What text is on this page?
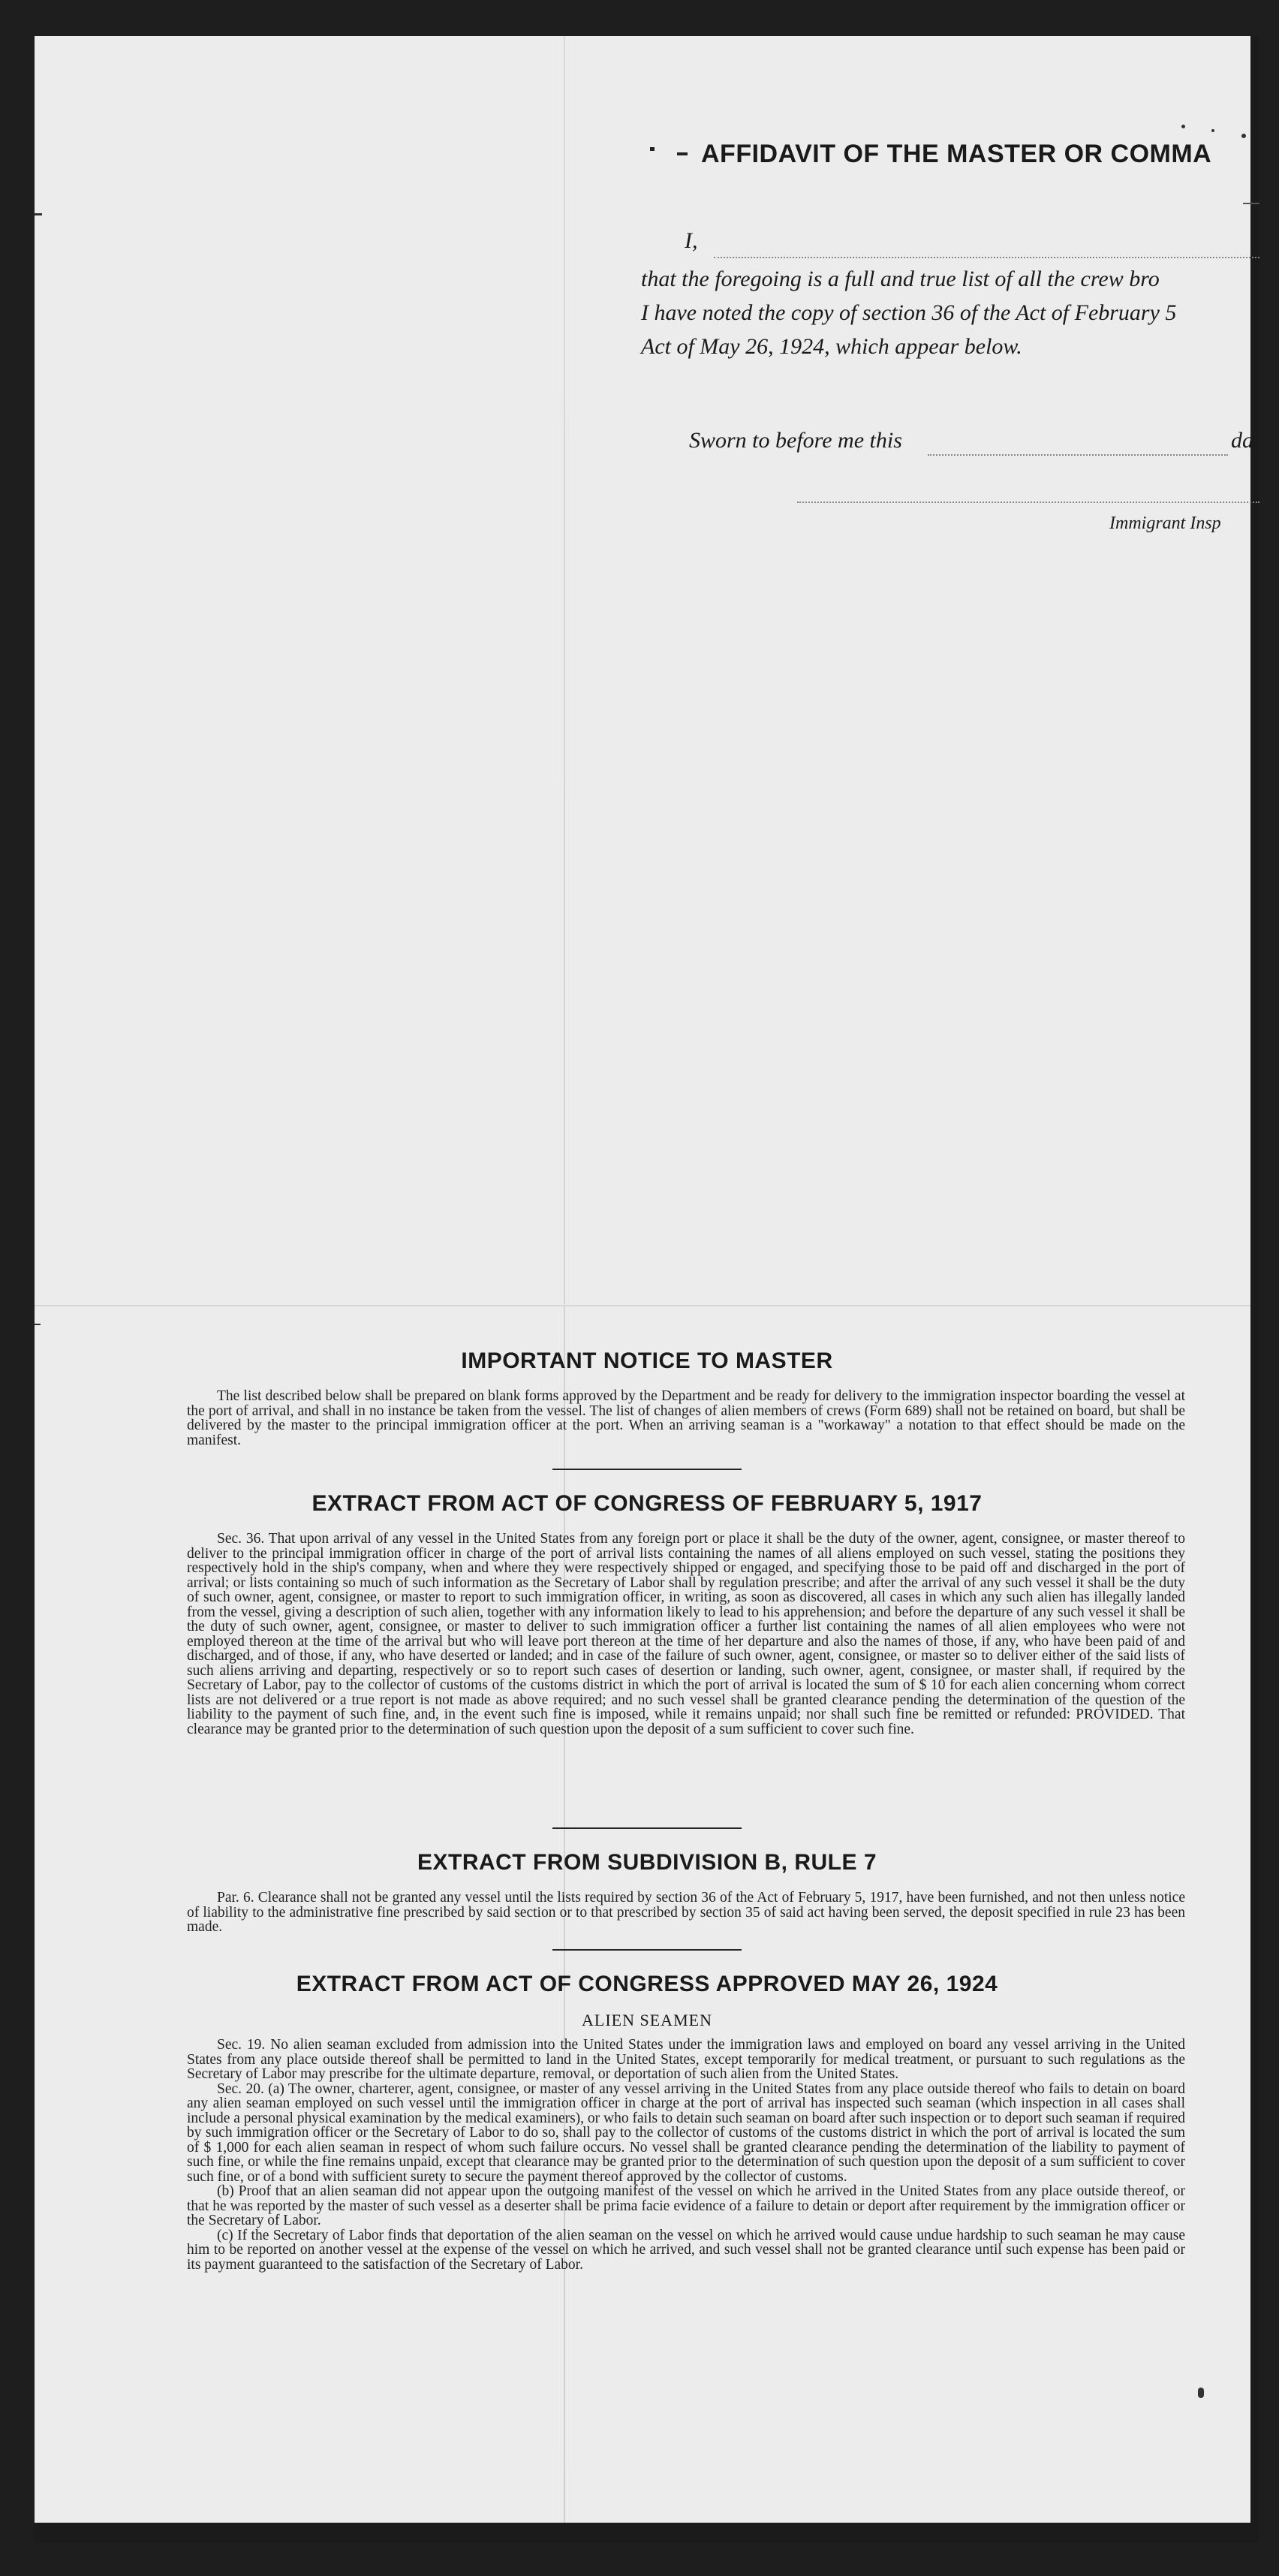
AFFIDAVIT OF THE MASTER OR COMMA
I,
that the foregoing is a full and true list of all the crew bro
I have noted the copy of section 36 of the Act of February 5
Act of May 26, 1924, which appear below.
Sworn to before me this	da
Immigrant Insp
IMPORTANT NOTICE TO MASTER
The list described below shall be prepared on blank forms approved by the Department and be ready for delivery to the immigration inspector boarding the vessel at the port of arrival, and shall in no instance be taken from the vessel. The list of changes of alien members of crews (Form 689) shall not be retained on board, but shall be delivered by the master to the principal immigration officer at the port. When an arriving seaman is a "workaway" a notation to that effect should be made on the manifest.
EXTRACT FROM ACT OF CONGRESS OF FEBRUARY 5, 1917
Sec. 36. That upon arrival of any vessel in the United States from any foreign port or place it shall be the duty of the owner, agent, consignee, or master thereof to deliver to the principal immigration officer in charge of the port of arrival lists containing the names of all aliens employed on such vessel, stating the positions they respectively hold in the ship's company, when and where they were respectively shipped or engaged, and specifying those to be paid off and discharged in the port of arrival; or lists containing so much of such information as the Secretary of Labor shall by regulation prescribe; and after the arrival of any such vessel it shall be the duty of such owner, agent, consignee, or master to report to such immigration officer, in writing, as soon as discovered, all cases in which any such alien has illegally landed from the vessel, giving a description of such alien, together with any information likely to lead to his apprehension; and before the departure of any such vessel it shall be the duty of such owner, agent, consignee, or master to deliver to such immigration officer a further list containing the names of all alien employees who were not employed thereon at the time of the arrival but who will leave port thereon at the time of her departure and also the names of those, if any, who have been paid of and discharged, and of those, if any, who have deserted or landed; and in case of the failure of such owner, agent, consignee, or master so to deliver either of the said lists of such aliens arriving and departing, respectively or so to report such cases of desertion or landing, such owner, agent, consignee, or master shall, if required by the Secretary of Labor, pay to the collector of customs of the customs district in which the port of arrival is located the sum of $ 10 for each alien concerning whom correct lists are not delivered or a true report is not made as above required; and no such vessel shall be granted clearance pending the determination of the question of the liability to the payment of such fine, and, in the event such fine is imposed, while it remains unpaid; nor shall such fine be remitted or refunded: PROVIDED. That clearance may be granted prior to the determination of such question upon the deposit of a sum sufficient to cover such fine.
EXTRACT FROM SUBDIVISION B, RULE 7
Par. 6. Clearance shall not be granted any vessel until the lists required by section 36 of the Act of February 5, 1917, have been furnished, and not then unless notice of liability to the administrative fine prescribed by said section or to that prescribed by section 35 of said act having been served, the deposit specified in rule 23 has been made.
EXTRACT FROM ACT OF CONGRESS APPROVED MAY 26, 1924
ALIEN SEAMEN

Sec. 19. No alien seaman excluded from admission into the United States under the immigration laws and employed on board any vessel arriving in the United States from any place outside thereof shall be permitted to land in the United States, except temporarily for medical treatment, or pursuant to such regulations as the Secretary of Labor may prescribe for the ultimate departure, removal, or deportation of such alien from the United States.

Sec. 20. (a) The owner, charterer, agent, consignee, or master of any vessel arriving in the United States from any place outside thereof who fails to detain on board any alien seaman employed on such vessel until the immigration officer in charge at the port of arrival has inspected such seaman (which inspection in all cases shall include a personal physical examination by the medical examiners), or who fails to detain such seaman on board after such inspection or to deport such seaman if required by such immigration officer or the Secretary of Labor to do so, shall pay to the collector of customs of the customs district in which the port of arrival is located the sum of $ 1,000 for each alien seaman in respect of whom such failure occurs. No vessel shall be granted clearance pending the determination of the liability to payment of such fine, or while the fine remains unpaid, except that clearance may be granted prior to the determination of such question upon the deposit of a sum sufficient to cover such fine, or of a bond with sufficient surety to secure the payment thereof approved by the collector of customs.

(b) Proof that an alien seaman did not appear upon the outgoing manifest of the vessel on which he arrived in the United States from any place outside thereof, or that he was reported by the master of such vessel as a deserter shall be prima facie evidence of a failure to detain or deport after requirement by the immigration officer or the Secretary of Labor.

(c) If the Secretary of Labor finds that deportation of the alien seaman on the vessel on which he arrived would cause undue hardship to such seaman he may cause him to be reported on another vessel at the expense of the vessel on which he arrived, and such vessel shall not be granted clearance until such expense has been paid or its payment guaranteed to the satisfaction of the Secretary of Labor.
